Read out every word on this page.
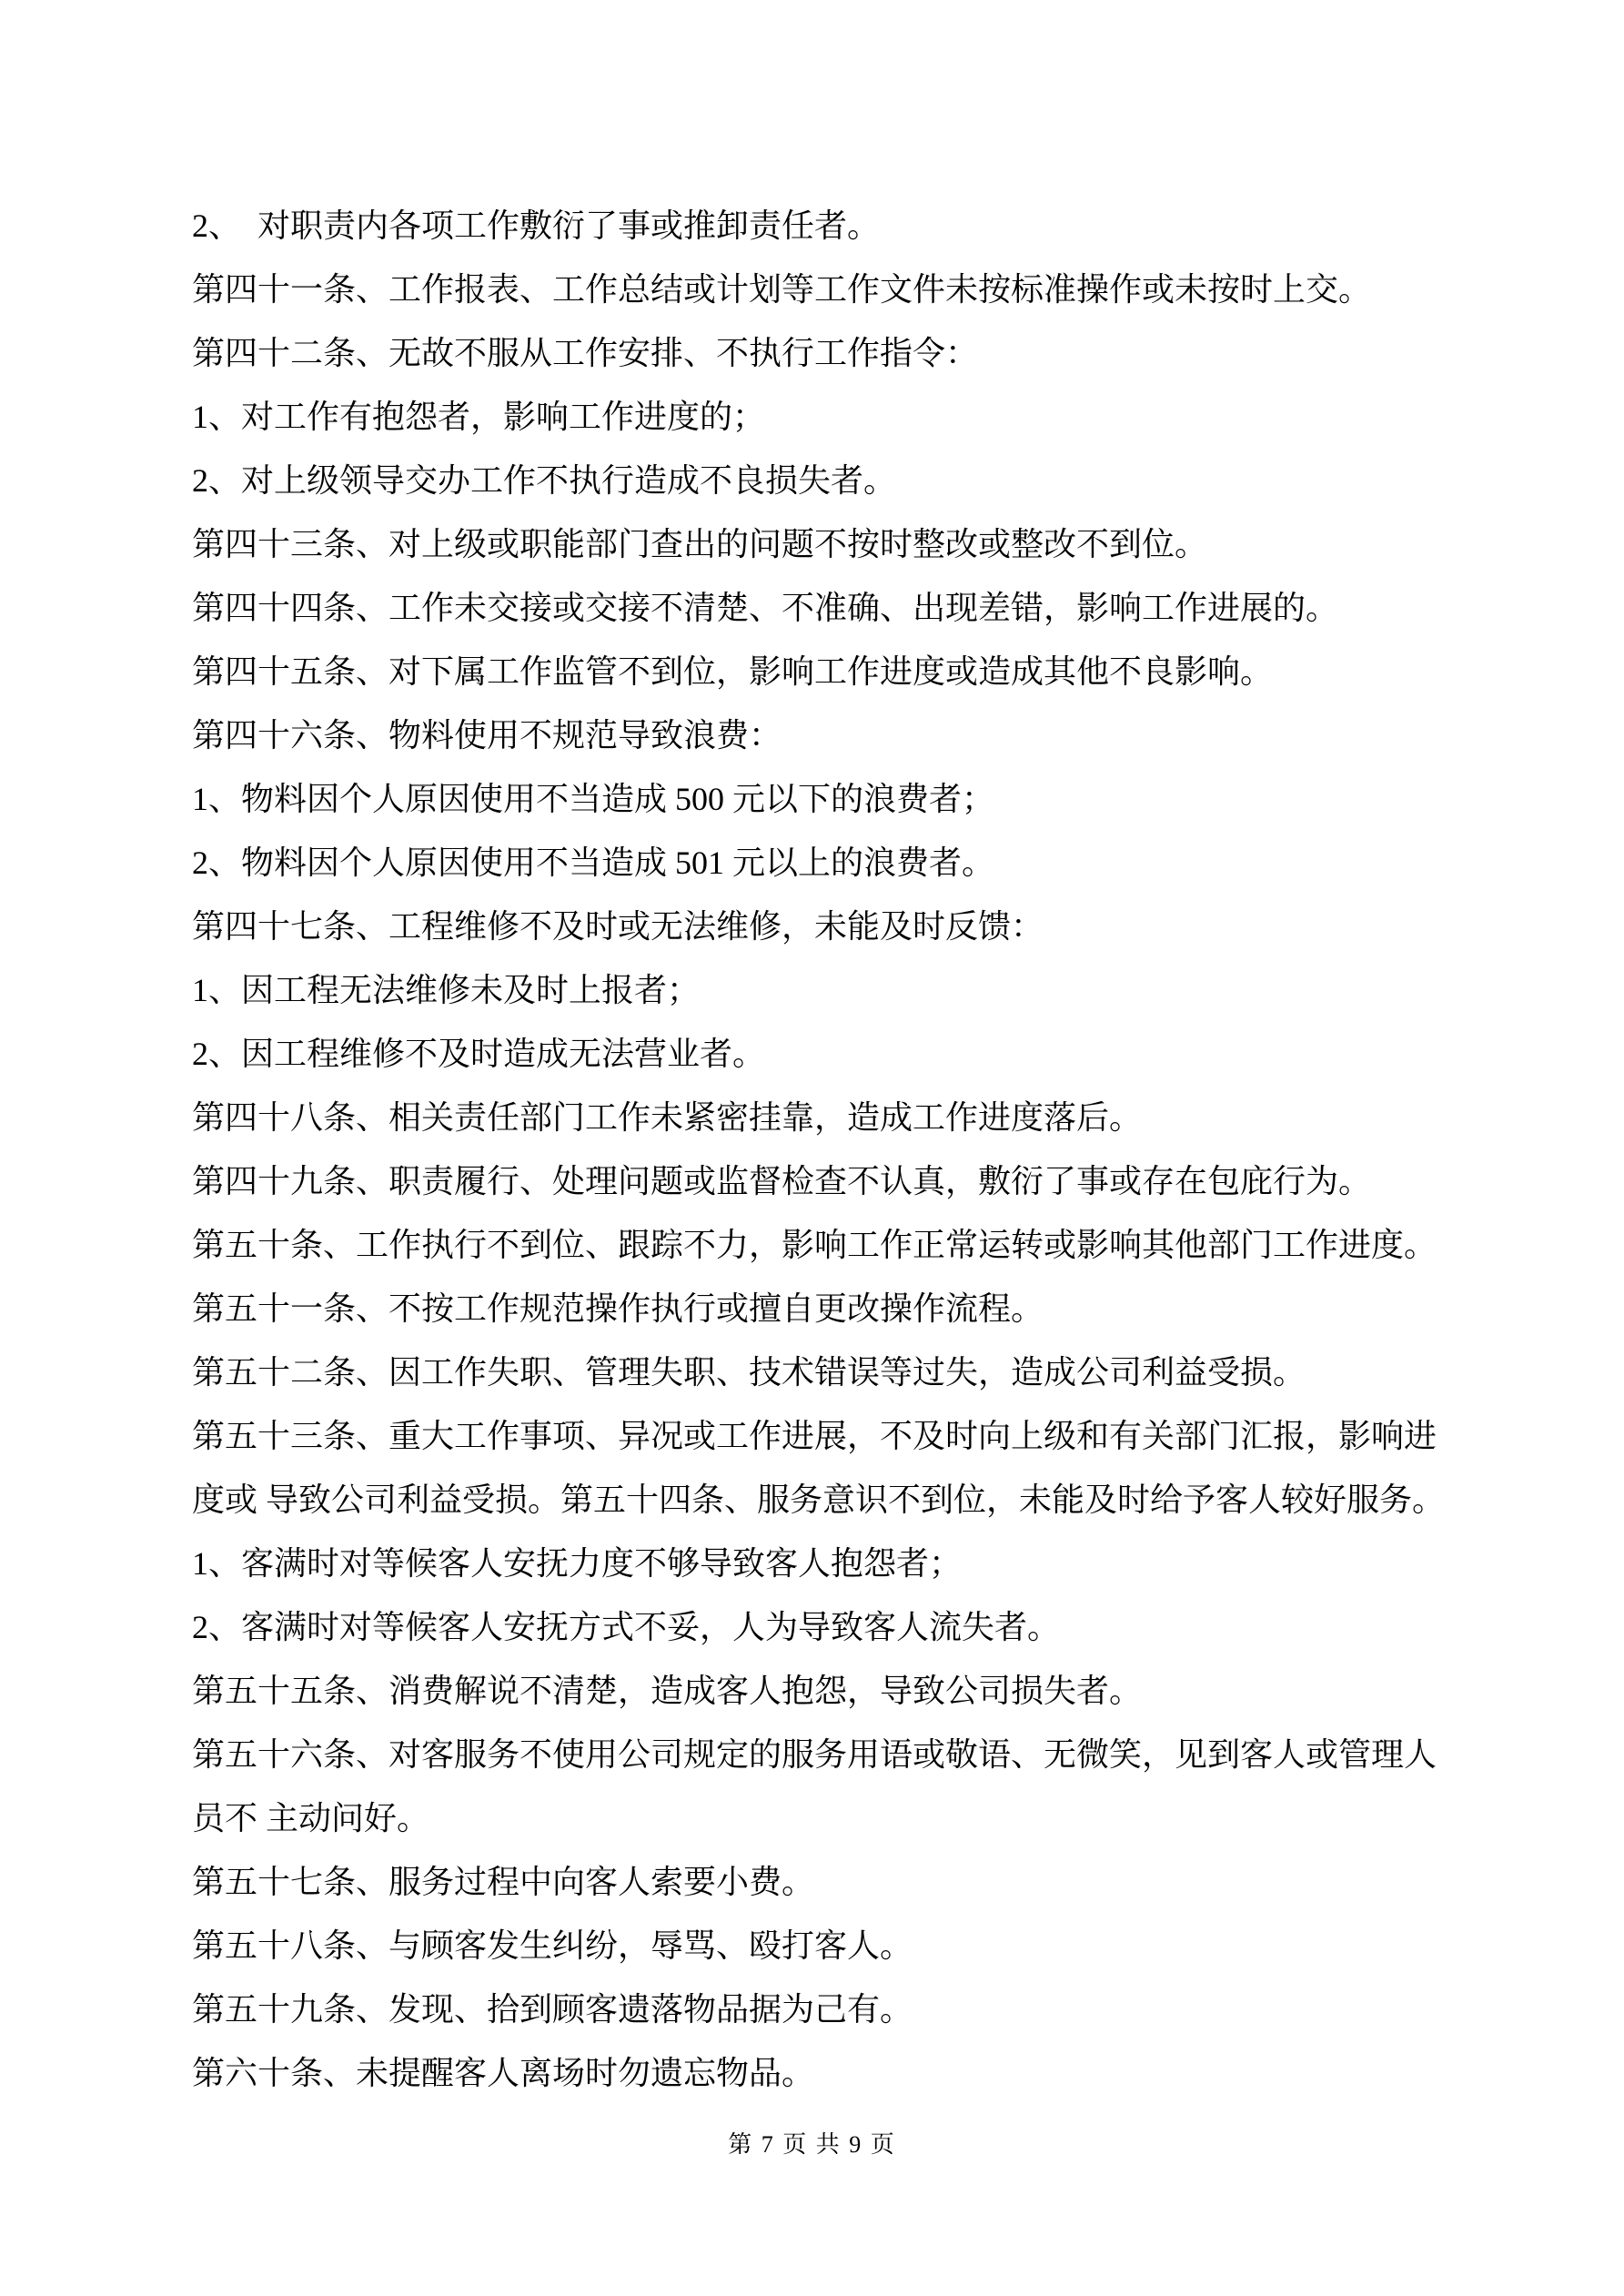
2、  对职责内各项工作敷衍了事或推卸责任者。

第四十一条、工作报表、工作总结或计划等工作文件未按标准操作或未按时上交。

第四十二条、无故不服从工作安排、不执行工作指令：

1、对工作有抱怨者，影响工作进度的；

2、对上级领导交办工作不执行造成不良损失者。

第四十三条、对上级或职能部门查出的问题不按时整改或整改不到位。

第四十四条、工作未交接或交接不清楚、不准确、出现差错，影响工作进展的。

第四十五条、对下属工作监管不到位，影响工作进度或造成其他不良影响。

第四十六条、物料使用不规范导致浪费：

1、物料因个人原因使用不当造成 500 元以下的浪费者；

2、物料因个人原因使用不当造成 501 元以上的浪费者。

第四十七条、工程维修不及时或无法维修，未能及时反馈：

1、因工程无法维修未及时上报者；

2、因工程维修不及时造成无法营业者。

第四十八条、相关责任部门工作未紧密挂靠，造成工作进度落后。

第四十九条、职责履行、处理问题或监督检查不认真，敷衍了事或存在包庇行为。

第五十条、工作执行不到位、跟踪不力，影响工作正常运转或影响其他部门工作进度。

第五十一条、不按工作规范操作执行或擅自更改操作流程。

第五十二条、因工作失职、管理失职、技术错误等过失，造成公司利益受损。

第五十三条、重大工作事项、异况或工作进展，不及时向上级和有关部门汇报，影响进

度或 导致公司利益受损。第五十四条、服务意识不到位，未能及时给予客人较好服务。

1、客满时对等候客人安抚力度不够导致客人抱怨者；

2、客满时对等候客人安抚方式不妥，人为导致客人流失者。

第五十五条、消费解说不清楚，造成客人抱怨，导致公司损失者。

第五十六条、对客服务不使用公司规定的服务用语或敬语、无微笑，见到客人或管理人

员不 主动问好。

第五十七条、服务过程中向客人索要小费。

第五十八条、与顾客发生纠纷，辱骂、殴打客人。

第五十九条、发现、拾到顾客遗落物品据为己有。

第六十条、未提醒客人离场时勿遗忘物品。

第 7 页 共 9 页
